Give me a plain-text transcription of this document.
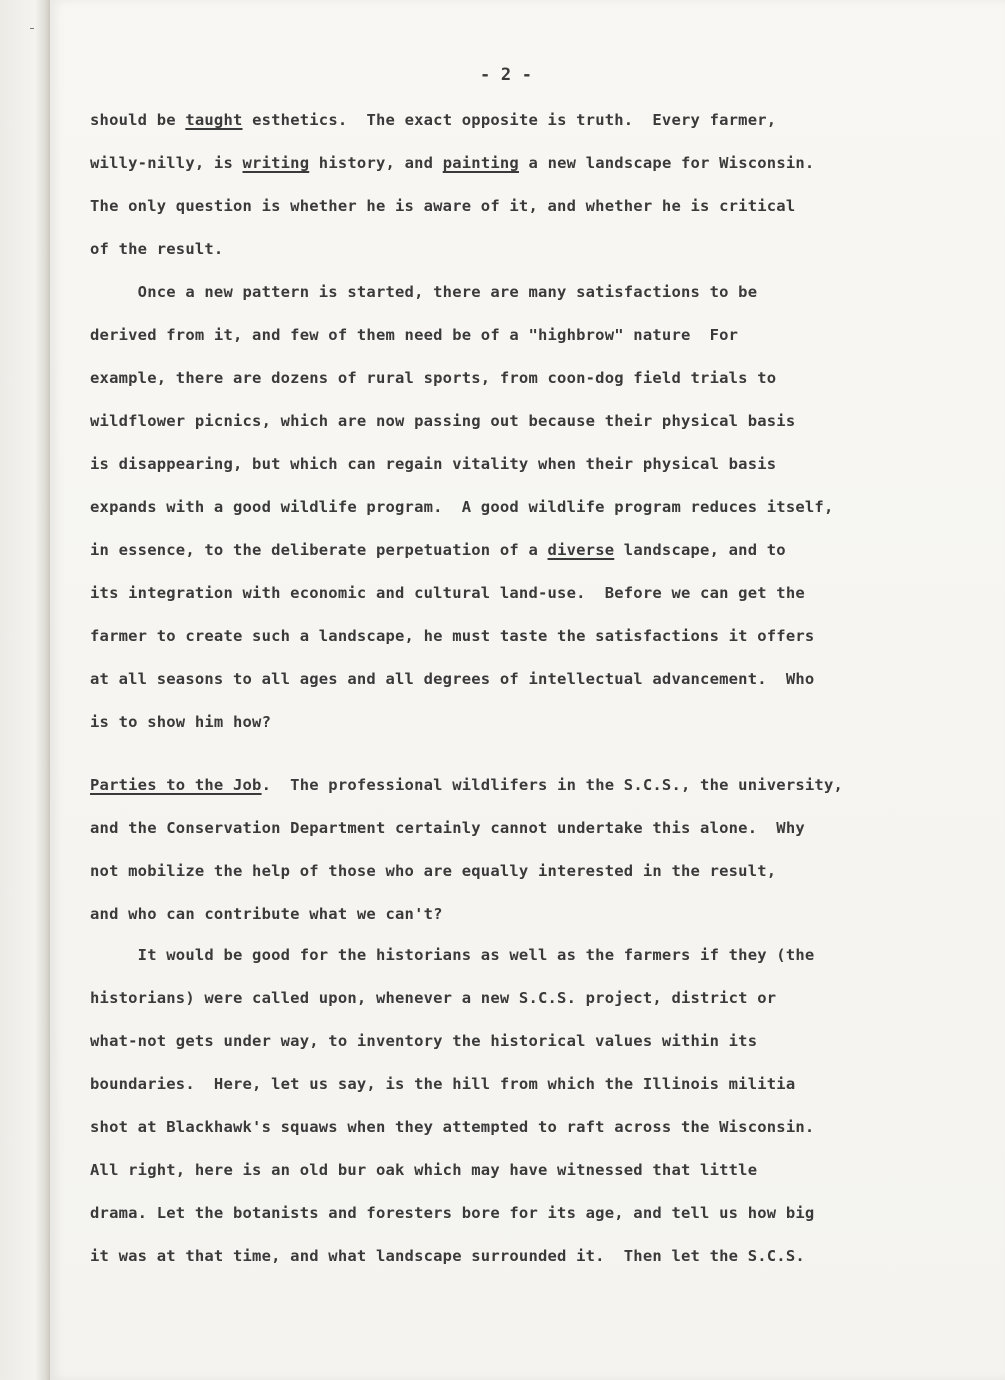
- 2 -
should be taught esthetics.  The exact opposite is truth.  Every farmer,
willy-nilly, is writing history, and painting a new landscape for Wisconsin.
The only question is whether he is aware of it, and whether he is critical
of the result.
Once a new pattern is started, there are many satisfactions to be
derived from it, and few of them need be of a "highbrow" nature  For
example, there are dozens of rural sports, from coon-dog field trials to
wildflower picnics, which are now passing out because their physical basis
is disappearing, but which can regain vitality when their physical basis
expands with a good wildlife program.  A good wildlife program reduces itself,
in essence, to the deliberate perpetuation of a diverse landscape, and to
its integration with economic and cultural land-use.  Before we can get the
farmer to create such a landscape, he must taste the satisfactions it offers
at all seasons to all ages and all degrees of intellectual advancement.  Who
is to show him how?
Parties to the Job.  The professional wildlifers in the S.C.S., the university,
and the Conservation Department certainly cannot undertake this alone.  Why
not mobilize the help of those who are equally interested in the result,
and who can contribute what we can't?
It would be good for the historians as well as the farmers if they (the
historians) were called upon, whenever a new S.C.S. project, district or
what-not gets under way, to inventory the historical values within its
boundaries.  Here, let us say, is the hill from which the Illinois militia
shot at Blackhawk's squaws when they attempted to raft across the Wisconsin.
All right, here is an old bur oak which may have witnessed that little
drama. Let the botanists and foresters bore for its age, and tell us how big
it was at that time, and what landscape surrounded it.  Then let the S.C.S.
